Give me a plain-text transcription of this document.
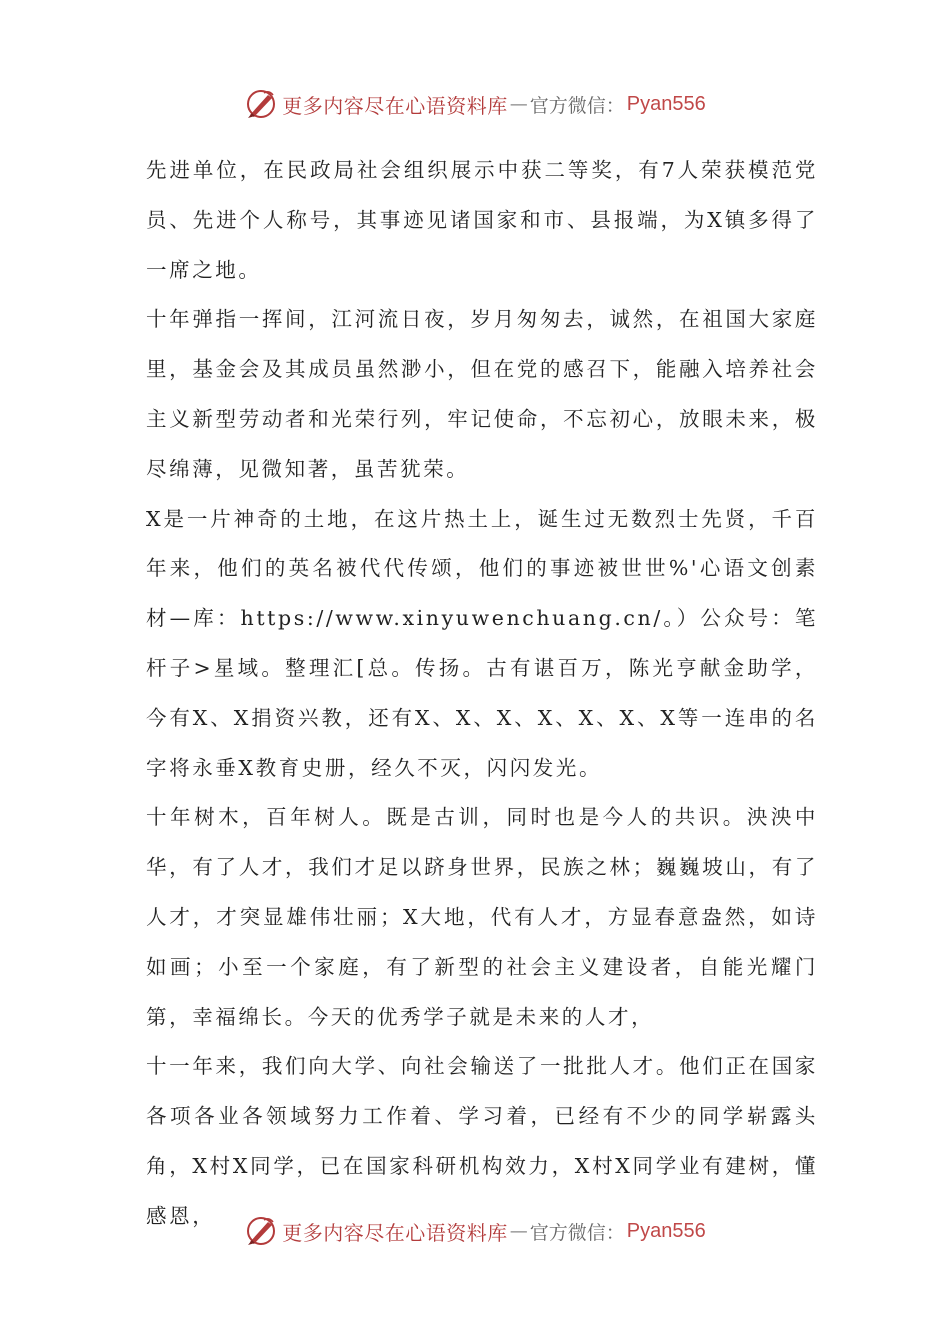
更多内容尽在心语资料库 — 官方微信： Pyan556

先进单位，在民政局社会组织展示中获二等奖，有7人荣获模范党员、先进个人称号，其事迹见诸国家和市、县报端，为X镇多得了一席之地。

十年弹指一挥间，江河流日夜，岁月匆匆去，诚然，在祖国大家庭里，基金会及其成员虽然渺小，但在党的感召下，能融入培养社会主义新型劳动者和光荣行列，牢记使命，不忘初心，放眼未来，极尽绵薄，见微知著，虽苦犹荣。

X是一片神奇的土地，在这片热土上，诞生过无数烈士先贤，千百年来，他们的英名被代代传颂，他们的事迹被世世%'心语文创素材—库：https://www.xinyuwenchuang.cn/。）公众号：笔杆子>星域。整理汇[总。传扬。古有谌百万，陈光亨献金助学，今有X、X捐资兴教，还有X、X、X、X、X、X、X等一连串的名字将永垂X教育史册，经久不灭，闪闪发光。

十年树木，百年树人。既是古训，同时也是今人的共识。泱泱中华，有了人才，我们才足以跻身世界，民族之林；巍巍坡山，有了人才，才突显雄伟壮丽；X大地，代有人才，方显春意盎然，如诗如画；小至一个家庭，有了新型的社会主义建设者，自能光耀门第，幸福绵长。今天的优秀学子就是未来的人才，

十一年来，我们向大学、向社会输送了一批批人才。他们正在国家各项各业各领域努力工作着、学习着，已经有不少的同学崭露头角，X村X同学，已在国家科研机构效力，X村X同学业有建树，懂感恩，

更多内容尽在心语资料库 — 官方微信： Pyan556
